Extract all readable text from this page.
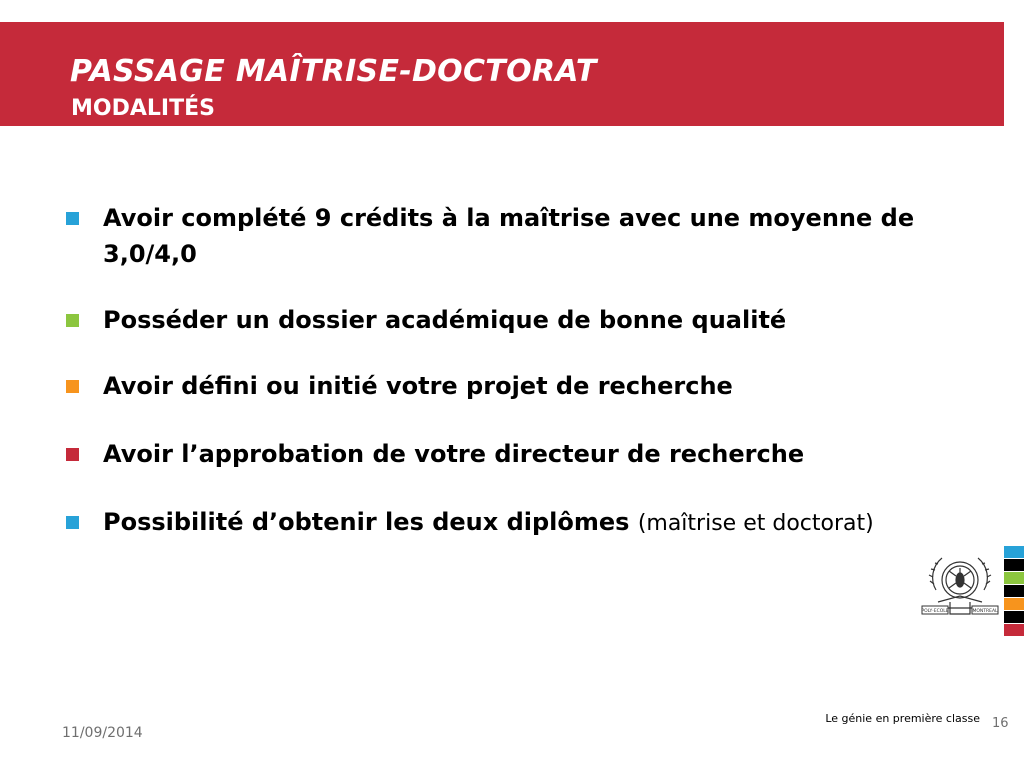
PASSAGE MAÎTRISE-DOCTORAT
MODALITÉS
Avoir complété 9 crédits à la maîtrise avec une moyenne de 3,0/4,0
Posséder un dossier académique de bonne qualité
Avoir défini ou initié votre projet de recherche
Avoir l’approbation de votre directeur de recherche
Possibilité d’obtenir les deux diplômes (maîtrise et doctorat)
POLY·ECOLE	MONTREAL
11/09/2014
Le génie en première classe 16
